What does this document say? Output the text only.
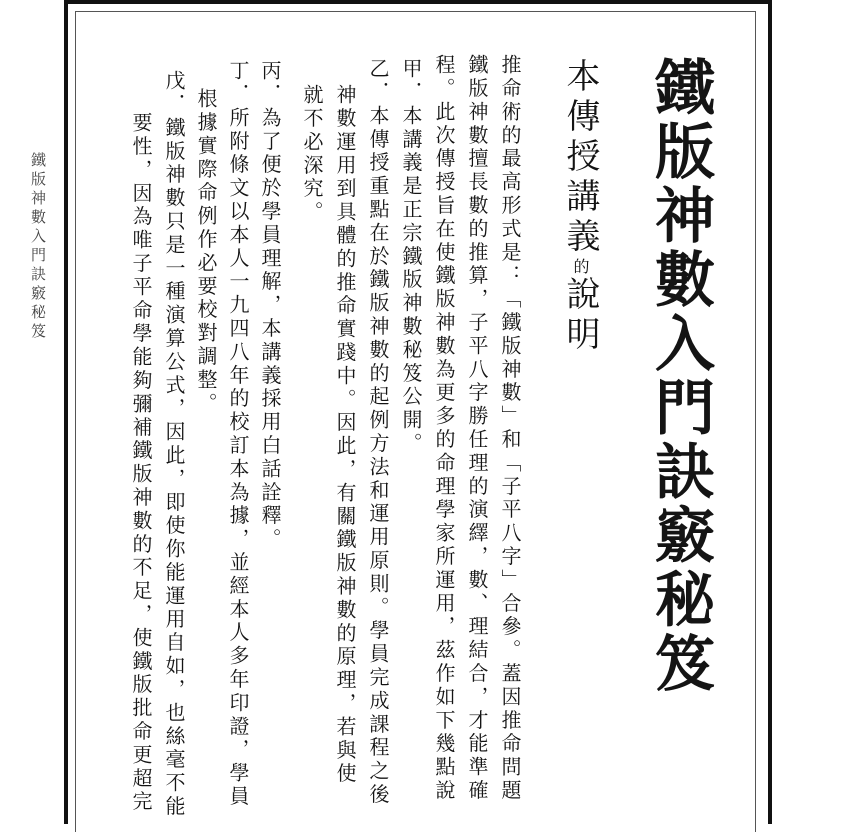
鐵版神數入門訣竅秘笈	鐵版神數入門訣竅秘笈
本傳授講義的說明
推命術的最高形式是：「鐵版神數」和「子平八字」合參。蓋因推命問題
鐵版神數擅長數的推算，子平八字勝任理的演繹，數、理結合，才能準確
程。此次傳授旨在使鐵版神數為更多的命理學家所運用，茲作如下幾點說
甲．本講義是正宗鐵版神數秘笈公開。
乙．本傳授重點在於鐵版神數的起例方法和運用原則。學員完成課程之後
神數運用到具體的推命實踐中。因此，有關鐵版神數的原理，若與使
就不必深究。
丙．為了便於學員理解，本講義採用白話詮釋。
丁．所附條文以本人一九四八年的校訂本為據，並經本人多年印證，學員
根據實際命例作必要校對調整。
戊．鐵版神數只是一種演算公式，因此，即使你能運用自如，也絲毫不能
要性，因為唯子平命學能夠彌補鐵版神數的不足，使鐵版批命更超完
